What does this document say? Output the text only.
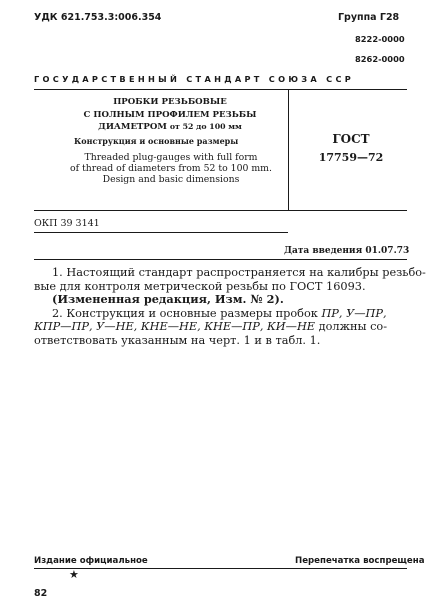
УДК 621.753.3:006.354	Группа Г28
8222-0000
8262-0000
ГОСУДАРСТВЕННЫЙ СТАНДАРТ СОЮЗА ССР
ПРОБКИ РЕЗЬБОВЫЕ
С ПОЛНЫМ ПРОФИЛЕМ РЕЗЬБЫ
ДИАМЕТРОМ от 52 до 100 мм
Конструкция и основные размеры
Threaded plug-gauges with full form
of thread of diameters from 52 to 100 mm.
Design and basic dimensions
ГОСТ
17759—72
ОКП 39 3141
Дата введения 01.07.73
1. Настоящий стандарт распространяется на калибры резьбо-
вые для контроля метрической резьбы по ГОСТ 16093.
(Измененная редакция, Изм. № 2).
2. Конструкция и основные размеры пробок ПР, У—ПР,
КПР—ПР, У—НЕ, КНЕ—НЕ, КНЕ—ПР, КИ—НЕ должны со-
ответствовать указанным на черт. 1 и в табл. 1.
Издание официальное	Перепечатка воспрещена
★
82
